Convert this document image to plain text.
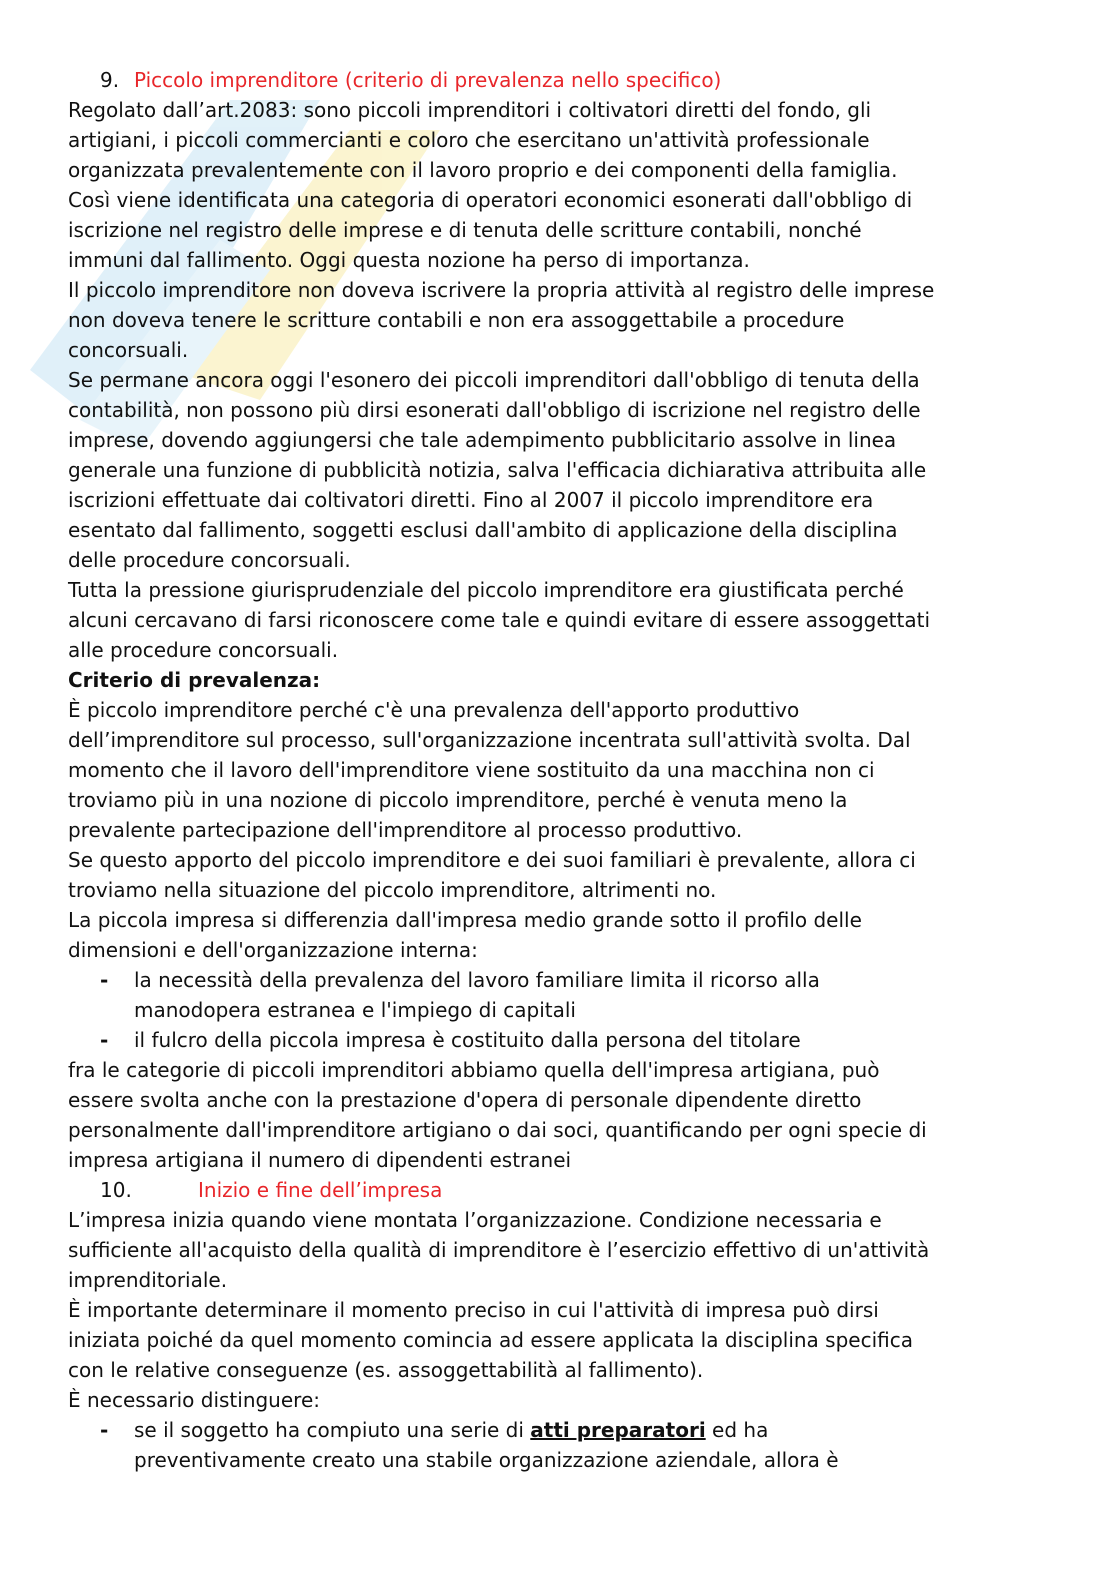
9. Piccolo imprenditore (criterio di prevalenza nello specifico)
Regolato dall’art.2083: sono piccoli imprenditori i coltivatori diretti del fondo, gli
artigiani, i piccoli commercianti e coloro che esercitano un'attività professionale
organizzata prevalentemente con il lavoro proprio e dei componenti della famiglia.
Così viene identificata una categoria di operatori economici esonerati dall'obbligo di
iscrizione nel registro delle imprese e di tenuta delle scritture contabili, nonché
immuni dal fallimento. Oggi questa nozione ha perso di importanza.
Il piccolo imprenditore non doveva iscrivere la propria attività al registro delle imprese
non doveva tenere le scritture contabili e non era assoggettabile a procedure
concorsuali.
Se permane ancora oggi l'esonero dei piccoli imprenditori dall'obbligo di tenuta della
contabilità, non possono più dirsi esonerati dall'obbligo di iscrizione nel registro delle
imprese, dovendo aggiungersi che tale adempimento pubblicitario assolve in linea
generale una funzione di pubblicità notizia, salva l'efficacia dichiarativa attribuita alle
iscrizioni effettuate dai coltivatori diretti. Fino al 2007 il piccolo imprenditore era
esentato dal fallimento, soggetti esclusi dall'ambito di applicazione della disciplina
delle procedure concorsuali.
Tutta la pressione giurisprudenziale del piccolo imprenditore era giustificata perché
alcuni cercavano di farsi riconoscere come tale e quindi evitare di essere assoggettati
alle procedure concorsuali.
Criterio di prevalenza:
È piccolo imprenditore perché c'è una prevalenza dell'apporto produttivo
dell’imprenditore sul processo, sull'organizzazione incentrata sull'attività svolta. Dal
momento che il lavoro dell'imprenditore viene sostituito da una macchina non ci
troviamo più in una nozione di piccolo imprenditore, perché è venuta meno la
prevalente partecipazione dell'imprenditore al processo produttivo.
Se questo apporto del piccolo imprenditore e dei suoi familiari è prevalente, allora ci
troviamo nella situazione del piccolo imprenditore, altrimenti no.
La piccola impresa si differenzia dall'impresa medio grande sotto il profilo delle
dimensioni e dell'organizzazione interna:
- la necessità della prevalenza del lavoro familiare limita il ricorso alla
manodopera estranea e l'impiego di capitali
- il fulcro della piccola impresa è costituito dalla persona del titolare
fra le categorie di piccoli imprenditori abbiamo quella dell'impresa artigiana, può
essere svolta anche con la prestazione d'opera di personale dipendente diretto
personalmente dall'imprenditore artigiano o dai soci, quantificando per ogni specie di
impresa artigiana il numero di dipendenti estranei
10.	Inizio e fine dell’impresa
L’impresa inizia quando viene montata l’organizzazione. Condizione necessaria e
sufficiente all'acquisto della qualità di imprenditore è l’esercizio effettivo di un'attività
imprenditoriale.
È importante determinare il momento preciso in cui l'attività di impresa può dirsi
iniziata poiché da quel momento comincia ad essere applicata la disciplina specifica
con le relative conseguenze (es. assoggettabilità al fallimento).
È necessario distinguere:
- se il soggetto ha compiuto una serie di atti preparatori ed ha
preventivamente creato una stabile organizzazione aziendale, allora è
